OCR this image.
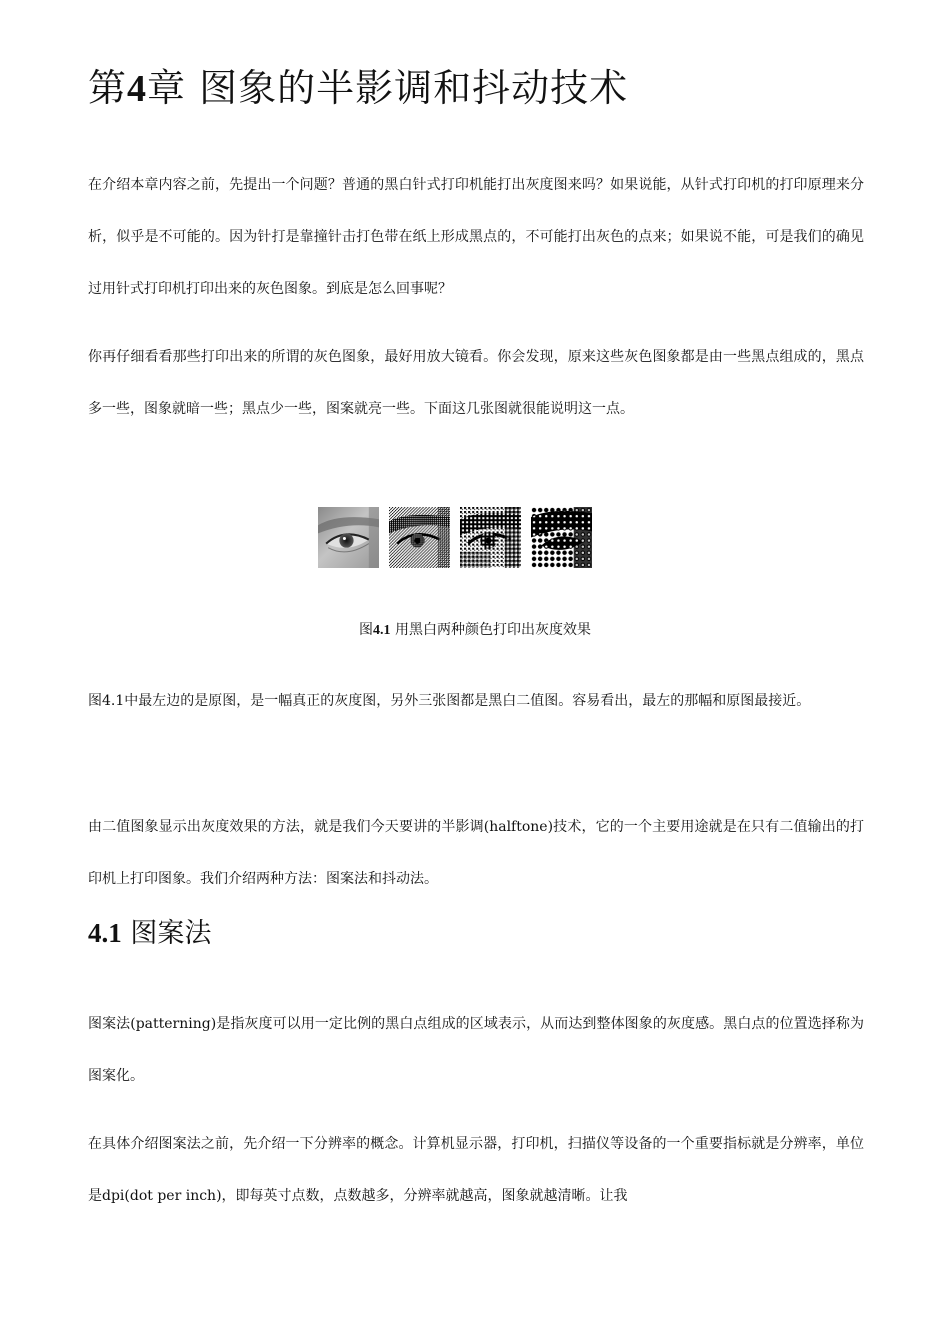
第4章 图象的半影调和抖动技术

在介绍本章内容之前，先提出一个问题？普通的黑白针式打印机能打出灰度图来吗？如果说能，从针式打印机的打印原理来分析，似乎是不可能的。因为针打是靠撞针击打色带在纸上形成黑点的，不可能打出灰色的点来；如果说不能，可是我们的确见过用针式打印机打印出来的灰色图象。到底是怎么回事呢？

你再仔细看看那些打印出来的所谓的灰色图象，最好用放大镜看。你会发现，原来这些灰色图象都是由一些黑点组成的，黑点多一些，图象就暗一些；黑点少一些，图案就亮一些。下面这几张图就很能说明这一点。

图4.1 用黑白两种颜色打印出灰度效果

图4.1中最左边的是原图，是一幅真正的灰度图，另外三张图都是黑白二值图。容易看出，最左的那幅和原图最接近。

由二值图象显示出灰度效果的方法，就是我们今天要讲的半影调(halftone)技术，它的一个主要用途就是在只有二值输出的打印机上打印图象。我们介绍两种方法：图案法和抖动法。

4.1 图案法

图案法(patterning)是指灰度可以用一定比例的黑白点组成的区域表示，从而达到整体图象的灰度感。黑白点的位置选择称为图案化。

在具体介绍图案法之前，先介绍一下分辨率的概念。计算机显示器，打印机，扫描仪等设备的一个重要指标就是分辨率，单位是dpi(dot per inch)，即每英寸点数，点数越多，分辨率就越高，图象就越清晰。让我
